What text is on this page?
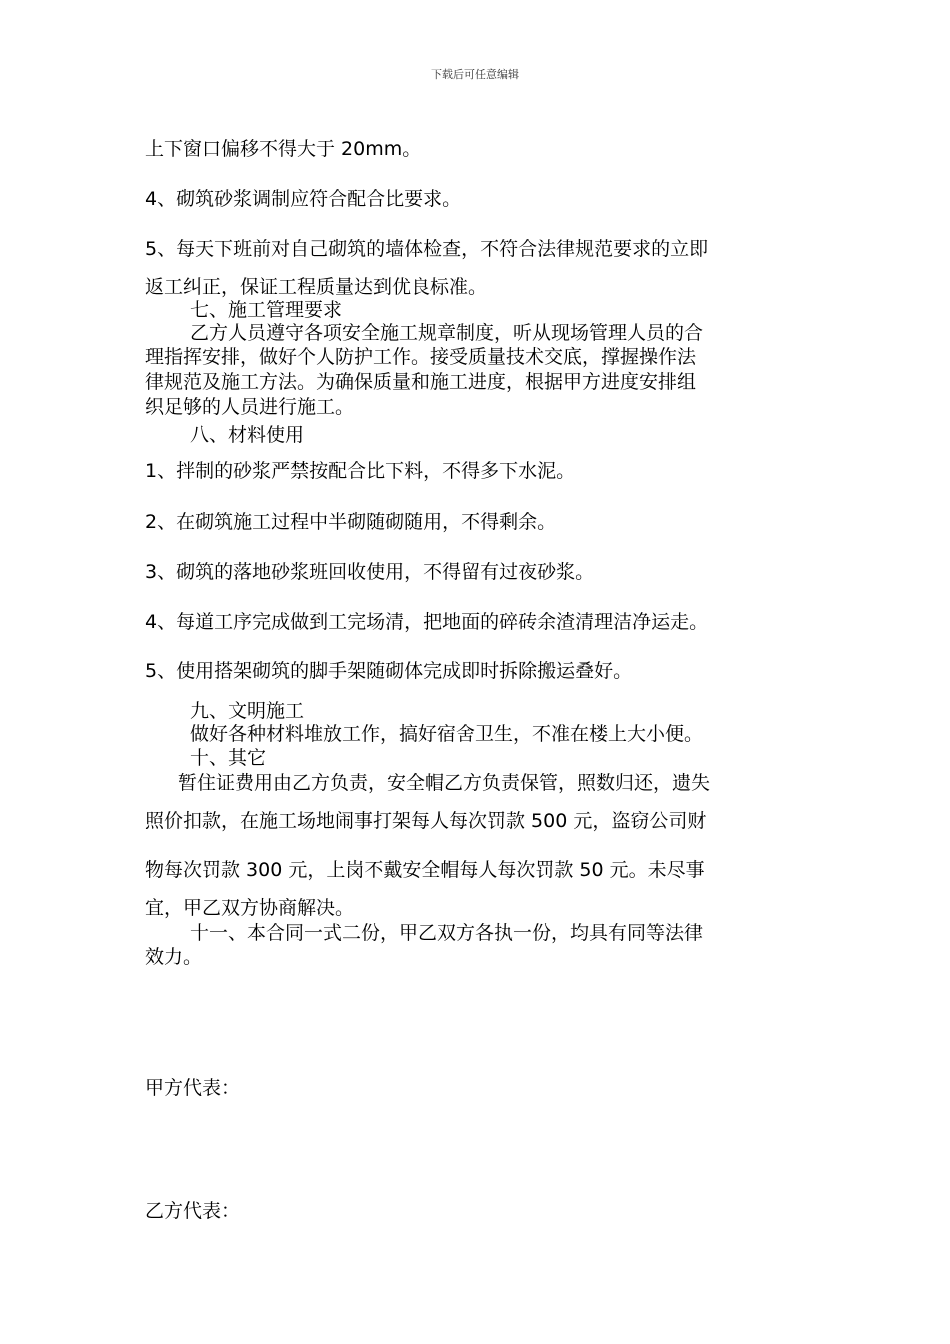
下载后可任意编辑
上下窗口偏移不得大于 20mm。
4、砌筑砂浆调制应符合配合比要求。
5、每天下班前对自己砌筑的墙体检查，不符合法律规范要求的立即
返工纠正，保证工程质量达到优良标准。
七、施工管理要求
乙方人员遵守各项安全施工规章制度，听从现场管理人员的合
理指挥安排，做好个人防护工作。接受质量技术交底，撑握操作法
律规范及施工方法。为确保质量和施工进度，根据甲方进度安排组
织足够的人员进行施工。
八、材料使用
1、拌制的砂浆严禁按配合比下料，不得多下水泥。
2、在砌筑施工过程中半砌随砌随用，不得剩余。
3、砌筑的落地砂浆班回收使用，不得留有过夜砂浆。
4、每道工序完成做到工完场清，把地面的碎砖余渣清理洁净运走。
5、使用搭架砌筑的脚手架随砌体完成即时拆除搬运叠好。
九、文明施工
做好各种材料堆放工作，搞好宿舍卫生，不准在楼上大小便。
十、其它
暂住证费用由乙方负责，安全帽乙方负责保管，照数归还，遗失
照价扣款，在施工场地闹事打架每人每次罚款 500 元，盗窃公司财
物每次罚款 300 元，上岗不戴安全帽每人每次罚款 50 元。未尽事
宜，甲乙双方协商解决。
十一、本合同一式二份，甲乙双方各执一份，均具有同等法律
效力。
甲方代表：
乙方代表：
